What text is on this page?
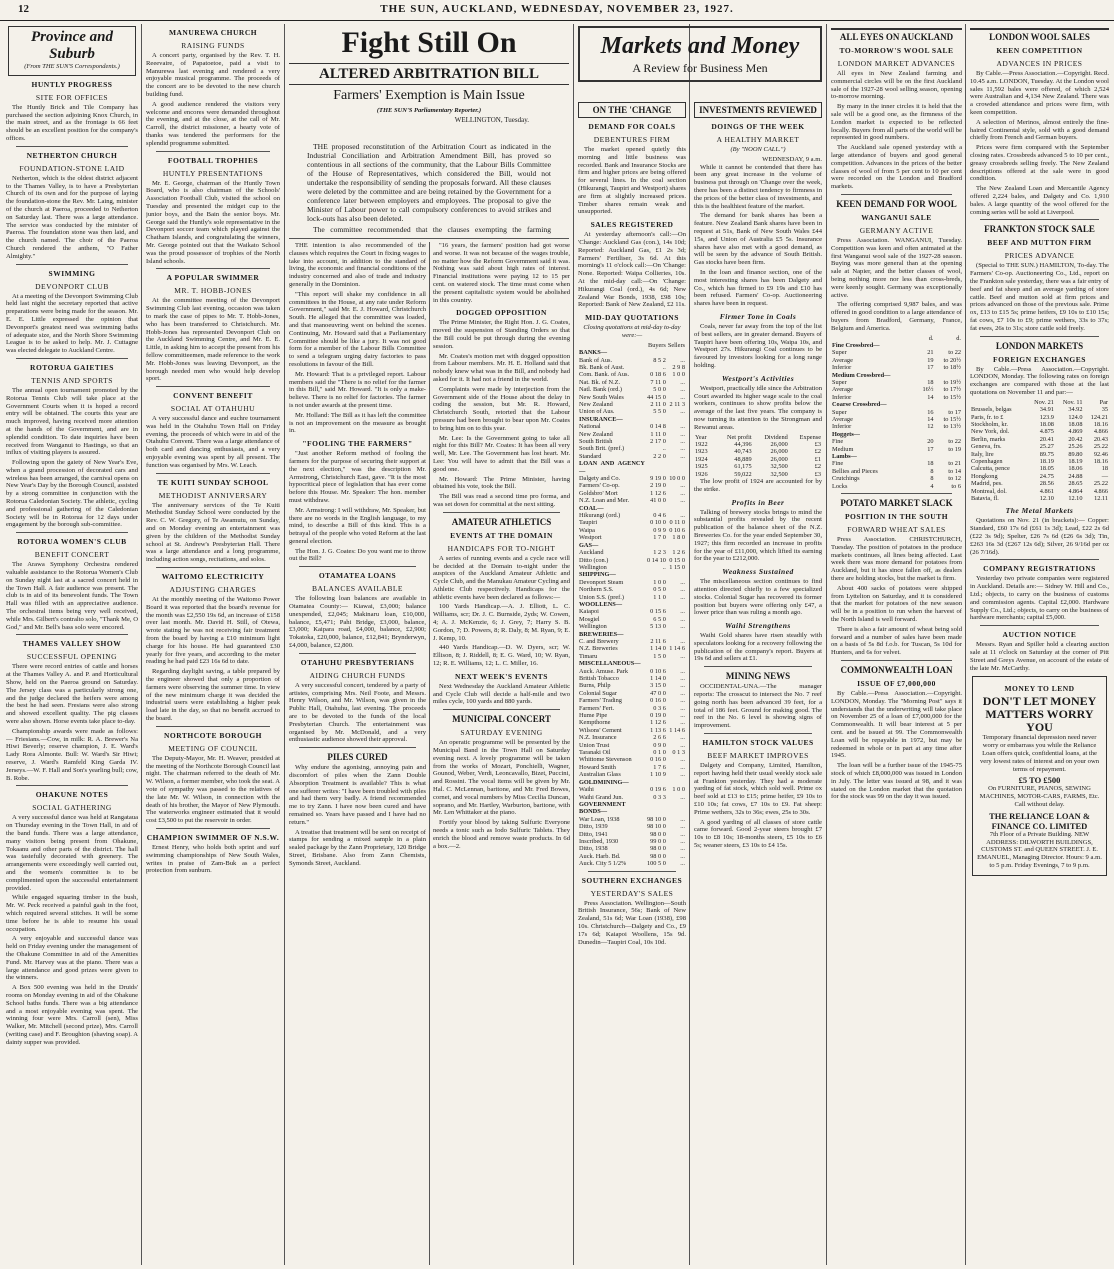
12	THE SUN, AUCKLAND, WEDNESDAY, NOVEMBER 23, 1927.
Province and Suburb
(From THE SUN'S Correspondents.)
HUNTLY PROGRESS
SITE FOR OFFICES

The Huntly Brick and Tile Company has purchased the section adjoining Knox Church, in the main street, and as the frontage is 66 feet should be an excellent position for the company's offices.

NETHERTON CHURCH
FOUNDATION-STONE LAID

Netherton, which is the oldest district adjacent to the Thames Valley, is to have a Presbyterian Church of its own and for the purpose of laying the foundation-stone the Rev. Mr. Laing, minister of the church at Paeroa, proceeded to Netherton on Saturday last. There was a large attendance. The service was conducted by the minister of Paeroa. The foundation stone was then laid, and the church named. The choir of the Paeroa Church rendered the anthem, "O Father Almighty."

SWIMMING
DEVONPORT CLUB

At a meeting of the Devonport Swimming Club held last night the secretary reported that active preparations were being made for the season. Mr. E. E. Little expressed the opinion that Devonport's greatest need was swimming baths of adequate size, and the North Shore Swimming League is to be asked to help. Mr. J. Cuttagne was elected delegate to Auckland Centre.

ROTORUA GAIETIES
TENNIS AND SPORTS

The annual open tournament promoted by the Rotorua Tennis Club will take place at the Government Courts when it is hoped a record entry will be obtained. The courts this year are much improved, having received more attention at the hands of the Government, and are in splendid condition. To date inquiries have been received from Wanganui to Hastings, so that an influx of visiting players is assured.

Following upon the gaiety of New Year's Eve, when a grand procession of decorated cars and wireless has been arranged, the carnival opens on New Year's Day by the Borough Council, assisted by a strong committee in conjunction with the Rotorua Caledonian Society. The athletic, cycling and professional gathering of the Caledonian Society will be in Rotorua for 12 days under engagement by the borough sub-committee.

ROTORUA WOMEN'S CLUB
BENEFIT CONCERT

The Arawa Symphony Orchestra rendered valuable assistance to the Rotorua Women's Club on Sunday night last at a sacred concert held in the Town Hall. A fair audience was present. The club is in aid of its benevolent funds. The Town Hall was filled with an appreciative audience. The orchestral items being very well received, while Mrs. Gilbert's contralto solo, "Thank Me, O God," and Mr. Bell's bass solo were encored.

THAMES VALLEY SHOW
SUCCESSFUL OPENING

There were record entries of cattle and horses at the Thames Valley A. and P. and Horticultural Show, held on the Paeroa ground on Saturday. The Jersey class was a particularly strong one, and the judge declared the heifers were among the best he had seen. Fresians were also strong and showed excellent quality. The pig classes were also shown. Horse events take place to-day.

Championship awards were made as follows:— Friesians.—Cow, in milk: R. A. Brewer's Na Hiwi Beverly; reserve champion, J. E. Ward's Lady Rora Almonte. Bull: W. Ward's Sir Hiwi; reserve, J. Ward's Ramfeld King Garda IV. Jerseys.—W. F. Hall and Son's yearling bull; cow, B. Robe.

OHAKUNE NOTES
SOCIAL GATHERING

A very successful dance was held at Rangataua on Thursday evening in the Town Hall, in aid of the band funds. There was a large attendance, many visitors being present from Ohakune, Tokaanu and other parts of the district. The hall was tastefully decorated with greenery. The arrangements were exceedingly well carried out, and the women's committee is to be complimented upon the successful entertainment provided.

While engaged squaring timber in the bush, Mr. W. Peck received a painful gash in the foot, which required several stitches. It will be some time before he is able to resume his usual occupation.

A very enjoyable and successful dance was held on Friday evening under the management of the Ohakune Committee in aid of the Amenities Fund. Mr. Harvey was at the piano. There was a large attendance and good prizes were given to the winners.

A Box 500 evening was held in the Druids' rooms on Monday evening in aid of the Ohakune School baths funds. There was a big attendance and a most enjoyable evening was spent. The winning four were Mrs. Carroll (sen), Miss Walker, Mr. Mitchell (second prize), Mrs. Carroll (writing case) and F. Broughton (shaving soap). A dainty supper was provided.

MANUREWA CHURCH
RAISING FUNDS

A concert party, organised by the Rev. T. H. Reeevaire, of Papatoetoe, paid a visit to Manurewa last evening and rendered a very enjoyable musical programme. The proceeds of the concert are to be devoted to the new church building fund.

A good audience rendered the visitors very welcome and encores were demanded throughout the evening, and at the close, at the call of Mr. Carroll, the district missioner, a hearty vote of thanks was tendered the performers for the splendid programme submitted.

FOOTBALL TROPHIES
HUNTLY PRESENTATIONS

Mr. E. George, chairman of the Huntly Town Board, who is also chairman of the Schools' Association Football Club, visited the school on Tuesday and presented the midget cup to the junior boys, and the Bain the senior boys. Mr. George said the Huntly's sole representative in the Devonport soccer team which played against the Chatham Islands, and congratulating the winners, Mr. George pointed out that the Waikato School was the proud possessor of trophies of the North Island schools.

A POPULAR SWIMMER
MR. T. HOBB-JONES

At the committee meeting of the Devonport Swimming Club last evening, occasion was taken to mark the case of pipes to Mr. T. Hobb-Jones, who has been transferred to Christchurch. Mr. Hobb-Jones has represented Devonport Club on the Auckland Swimming Centre, and Mr. E. E. Little, in asking him to accept the present from his fellow committeemen, made reference to the work Mr. Hobb-Jones was leaving Devonport, as the borough needed men who would help develop sport.

CONVENT BENEFIT
SOCIAL AT OTAHUHU

A very successful dance and euchre tournament was held in the Otahuhu Town Hall on Friday evening, the proceeds of which were in aid of the Otahuhu Convent. There was a large attendance of both card and dancing enthusiasts, and a very enjoyable evening was spent by all present. The function was organised by Mrs. W. Leach.

TE KUITI SUNDAY SCHOOL
METHODIST ANNIVERSARY

The anniversary services of the Te Kuiti Methodist Sunday School were conducted by the Rev. C. W. Gregory, of Te Awamutu, on Sunday, and on Monday evening an entertainment was given by the children of the Methodist Sunday school at St. Andrew's Presbyterian Hall. There was a large attendance and a long programme, including action songs, recitations, and solos.

WAITOMO ELECTRICITY
ADJUSTING CHARGES

At the monthly meeting of the Waitomo Power Board it was reported that the board's revenue for the month was £2,550 19s 6d, an increase of £158 over last month. Mr. David H. Still, of Otewa, wrote stating he was not receiving fair treatment from the board by having a £10 minimum light charge for his house. He had guaranteed £30 yearly for five years, and according to the meter reading he had paid £23 16s 6d to date.

Regarding daylight saving, a table prepared by the engineer showed that only a proportion of farmers were observing the summer time. In view of the new minimum charge it was decided the industrial users were establishing a higher peak load late in the day, so that no benefit accrued to the board.

NORTHCOTE BOROUGH
MEETING OF COUNCIL

The Deputy-Mayor, Mr. H. Weaver, presided at the meeting of the Northcote Borough Council last night. The chairman referred to the death of Mr. W. Wilson, a former member, who took the seat. A vote of sympathy was passed to the relatives of the late Mr. W. Wilson, in connection with the death of his brother, the Mayor of New Plymouth. The waterworks engineer estimated that it would cost £3,500 to put the reservoir in order.

CHAMPION SWIMMER OF N.S.W.

Ernest Henry, who holds both sprint and surf swimming championships of New South Wales, writes in praise of Zam-Buk as a perfect protection from sunburn.

Fight Still On
ALTERED ARBITRATION BILL
Farmers' Exemption is Main Issue
(THE SUN'S Parliamentary Reporter.)
WELLINGTON, Tuesday.

THE proposed reconstitution of the Arbitration Court as indicated in the Industrial Conciliation and Arbitration Amendment Bill, has proved so contentious in all sections of the community, that the Labour Bills Committee of the House of Representatives, which considered the Bill, would not undertake the responsibility of sending the proposals forward. All these clauses were deleted by the committee and are being retained by the Government for a conference later between employers and employees. The proposal to give the Minister of Labour power to call compulsory conferences to avoid strikes and lock-outs has also been deleted.

The committee recommended that the clauses exempting the farming

THE intention is also recommended of the clauses which requires the Court in fixing wages to take into account, in addition to the standard of living, the economic and financial conditions of the industry concerned and also of trade and industry generally in the Dominion.

"This report will shake my confidence in all committees in the House, at any rate under Reform Government," said Mr. E. J. Howard, Christchurch South. He alleged that the committee was loaded, and that manoeuvring went on behind the scenes. Continuing, Mr. Howard said that a Parliamentary Committee should be like a jury. It was not good form for a member of the Labour Bills Committee to send a telegram urging dairy factories to pass resolutions in favour of the Bill.

Mr. Howard: That is a privileged report. Labour members said the "There is no relief for the farmer in this Bill," said Mr. Howard. "It is only a make-believe. There is no relief for factories. The farmer is not under awards at the present time.

Mr. Holland: The Bill as it has left the committee is not an improvement on the measure as brought in.

"FOOLING THE FARMERS"

"Just another Reform method of fooling the farmers for the purpose of securing their support at the next election," was the description Mr. Armstrong, Christchurch East, gave. "It is the most hypocritical piece of legislation that has ever come before this House. Mr. Speaker: The hon. member must withdraw.

Mr. Armstrong: I will withdraw, Mr. Speaker, but there are no words in the English language, to my mind, to describe a Bill of this kind. This is a betrayal of the people who voted Reform at the last general election.

The Hon. J. G. Coates: Do you want me to throw out the Bill?

OTAMATEA LOANS
BALANCES AVAILABLE

The following loan balances are available in Otamatea County:— Kiawai, £3,000; balance unexpended, £2,045; Makinaru loan, £10,000, balance, £5,471; Pahi Bridge, £3,000, balance, £3,000; Kaipara road, £4,000, balance, £2,900; Tokatoka, £20,000, balance, £12,841; Brynderwyn, £4,000, balance, £2,800.

OTAHUHU PRESBYTERIANS
AIDING CHURCH FUNDS

A very successful concert, tendered by a party of artistes, comprising Mrs. Neil Foote, and Messrs. Henry Wilson, and Mr. Wilson, was given in the Public Hall, Otahuhu, last evening. The proceeds are to be devoted to the funds of the local Presbyterian Church. The entertainment was organised by Mr. McDonald, and a very enthusiastic audience showed their approval.

PILES CURED

Why endure the agonising, annoying pain and discomfort of piles when the Zann Double Absorption Treatment is available? This is what one sufferer writes: "I have been troubled with piles and had them very badly. A friend recommended me to try Zann. I have now been cured and have remained so. Years have passed and I have had no return."

A treatise that treatment will be sent on receipt of stamps for sending a mixed sample in a plain sealed package by the Zann Proprietary, 120 Bridge Street, Brisbane. Also from Zann Chemists, Symonds Street, Auckland.

"16 years, the farmers' position had got worse and worse. It was not because of the wages trouble, no matter how the Reform Government said it was. Nothing was said about high rates of interest. Financial institutions were paying 12 to 15 per cent. on watered stock. The time must come when the present capitalistic system would be abolished in this country.

DOGGED OPPOSITION

The Prime Minister, the Right Hon. J. G. Coates, moved the suspension of Standing Orders so that the Bill could be put through during the evening session.

Mr. Coates's motion met with dogged opposition from Labour members. Mr. H. E. Holland said that nobody knew what was in the Bill, and nobody had asked for it. It had not a friend in the world.

Complaints were made by interjection from the Government side of the House about the delay in coding the session, but Mr. R. Howard, Christchurch South, retorted that the Labour pressure had been brought to bear upon Mr. Coates to bring him on to this year.

Mr. Lee: Is the Government going to take all night for this Bill? Mr. Coates: It has been all very well, Mr. Lee. The Government has lost heart. Mr. Lee: You will have to admit that the Bill was a good one.

Mr. Howard: The Prime Minister, having obtained his vote, took the Bill.

The Bill was read a second time pro forma, and was set down for committal at the next sitting.

AMATEUR ATHLETICS
EVENTS AT THE DOMAIN
HANDICAPS FOR TO-NIGHT

A series of running events and a cycle race will be decided at the Domain to-night under the auspices of the Auckland Amateur Athletic and Cycle Club, and the Manukau Amateur Cycling and Athletic Club respectively. Handicaps for the athletic events have been declared as follows:—

100 Yards Handicap.—A. J. Elliott, L. C. Williams, scr; Dr. J. C. Burnside, 2yds; W. Cowen, 4; A. J. McKenzie, 6; J. Grey, 7; Harry S. B. Gordon, 7; D. Powers, 8; R. Daly, 8; M. Ryan, 9; E. J. Kemp, 10.

440 Yards Handicap.—D. W. Dyers, scr; W. Ellison, 8; J. Riddell, 8; E. G. Ward, 10; W. Ryan, 12; R. E. Williams, 12; L. C. Miller, 16.

NEXT WEEK'S EVENTS

Next Wednesday the Auckland Amateur Athletic and Cycle Club will decide a half-mile and two miles cycle, 100 yards and 880 yards.

MUNICIPAL CONCERT
SATURDAY EVENING

An operatic programme will be presented by the Municipal Band in the Town Hall on Saturday evening next. A lovely programme will be taken from the works of Mozart, Ponchielli, Wagner, Gounod, Weber, Verdi, Leoncavallo, Bizet, Puccini, and Rossini. The vocal items will be given by Mr. Hal. C. McLennan, baritone, and Mr. Fred Bowes, cornet, and vocal numbers by Miss Cecilia Duncan, soprano, and Mr. Hartley, Warburton, baritone, with Mr. Len Whittaker at the piano.

Fortify your blood by taking Sulfuric Everyone needs a tonic such as Iodo Sulfuric Tablets. They enrich the blood and remove waste products. In 6d a box.—2.

Markets and Money
A Review for Business Men
ON THE 'CHANGE
DEMAND FOR COALS
DEBENTURES FIRM

The market opened quietly this morning and little business was recorded. Bank and Insurance Stocks are firm and higher prices are being offered for several lines. In the coal section (Hikurangi, Taupiri and Westport) shares are firm at slightly increased prices. Timber shares remain weak and unsupported.

SALES REGISTERED

At yesterday afternoon's call:—On 'Change: Auckland Gas (con.), 14s 10d; Reported: Auckland Gas, £1 2s 3d; Farmers' Fertiliser, 3s 6d. At this morning's 11 o'clock call:—On 'Change: None. Reported: Waipa Collieries, 10s. At the mid-day call:—On 'Change: Hikurangi Coal (ord.), 4s 6d; New Zealand War Bonds, 1938, £98 10s; Reported: Bank of New Zealand, £2 11s.

MID-DAY QUOTATIONS
Closing quotations at mid-day to-day were:—
	Buyers	Sellers
BANKS—		
Bank of Aus.	8 5 2	...
Bk. Bank of Aust.	..	2 9 8
Com. Bank. of Aus.	0 18 6	1 0 0
Nat. Bk. of N.Z.	7 11 0	...
Natl. Bank (ord.)	5 0 0	...
New South Wales	44 15 0	...
New Zealand	2 11 0	2 11 3
Union of Aus.	5 5 0	...
INSURANCE—		
National	0 14 8	...
New Zealand	1 11 0	...
South British	2 17 0	...
South Brit. (pref.)	..	...
Standard	2 2 0	...
LOAN AND AGENCY—		
Dalgety and Co.	9 19 0	10 0 0
Farmers' Co-op.	2 19 0	...
Goldsbro' Mort	1 12 6	...
N.Z. Loan and Mer.	41 0 0	...
COAL—		
Hikurangi (ord.)	0 4 6	...
Taupiri	0 10 0	0 11 0
Waipa	0 9 9	0 10 6
Westport	1 7 0	1 8 0
GAS—		
Auckland	1 2 3	1 2 6
Ditto (con.)	0 14 10	0 15 0
Wellington	..	1 15 0
SHIPPING—		
Devonport Steam	1 0 0	...
Northern S.S.	0 5 0	...
Union S.S. (pref.)	1 1 0	...
WOOLLENS—		
Kaiapoi	0 15 6	...
Mosgiel	6 5 0	...
Wellington	5 13 0	...
BREWERIES—		
C. and Brewery	2 11 6	...
N.Z. Breweries	1 14 0	1 14 6
Timaru	1 5 0	...
MISCELLANEOUS—		
Auck. Amuse. Park	0 10 6	...
British Tobacco	1 14 0	...
Burns, Philp	3 15 0	...
Colonial Sugar	47 0 0	...
Farmers' Trading	0 16 0	...
Farmers' Fert.	0 3 6	...
Hume Pipe	0 19 0	...
Kempthorne	1 12 6	...
Wilsons' Cement	1 13 6	1 14 6
N.Z. Insurance	2 6 6	...
Union Trust	0 9 0	...
Taranaki Oil	0 1 0	0 1 3
Whittome Stevenson	0 16 0	...
Howard Smith	1 7 6	...
Australian Glass	1 10 9	...
GOLDMINING—		
Waihi	0 19 6	1 0 0
Waihi Grand Jun.	0 3 3	...
GOVERNMENT BONDS—		
War Loan, 1938	98 10 0	...
Ditto, 1939	98 10 0	...
Ditto, 1941	98 0 0	...
Inscribed, 1930	99 0 0	...
Ditto, 1938	98 0 0	...
Auck. Harb. Bd.	98 0 0	...
Auck. City 5 1/2%	100 5 0	...
SOUTHERN EXCHANGES
YESTERDAY'S SALES

Press Association. Wellington—South British Insurance, 56s; Bank of New Zealand, 51s 6d; War Loan (1938), £98 10s. Christchurch—Dalgety and Co., £9 17s 6d; Kaiapoi Woollens, 15s 9d. Dunedin—Taupiri Coal, 10s 10d.

INVESTMENTS REVIEWED
DOINGS OF THE WEEK
A HEALTHY MARKET
(By "NOON CALL.")
WEDNESDAY, 9 a.m.

While it cannot be contended that there has been any great increase in the volume of business put through on 'Change over the week, there has been a distinct tendency to firmness in the prices of the better class of investments, and this is the healthiest feature of the market.

The demand for bank shares has been a feature. New Zealand Bank shares have been in request at 51s, Bank of New South Wales £44 15s, and Union of Australia £5 5s. Insurance shares have also met with a good demand, as will be seen by the advance of South British. Gas stocks have been firm.

In the loan and finance section, one of the most interesting shares has been Dalgety and Co., which has firmed to £9 19s and £10 has been refused. Farmers' Co-op. Auctioneering shares have been in request.

Firmer Tone in Coals

Coals, never far away from the top of the list of best sellers, are in greater demand. Buyers of Taupiri have been offering 10s, Waipa 10s, and Westport 27s. Hikurangi Coal continues to be favoured by investors looking for a long range holding.

Westport's Activities

Westport, practically idle since the Arbitration Court awarded its higher wage scale to the coal workers, continues to show profits below the average of the last five years. The company is now turning its attention to the Strongman and Rewanui areas.

Year	Net profit	Dividend	Expense
1922	44,396	26,000	£3
1923	40,743	26,000	£2
1924	48,889	26,000	£1
1925	61,175	32,500	£2
1926	59,022	32,500	£3

The low profit of 1924 are accounted for by the strike.

Profits in Beer

Talking of brewery stocks brings to mind the substantial profits revealed by the recent publication of the balance sheet of the N.Z. Breweries Co. for the year ended September 30, 1927; this firm recorded an increase in profits for the year of £11,000, which lifted its earning for the year to £212,000.

Weakness Sustained

The miscellaneous section continues to find attention directed chiefly to a few specialized stocks. Colonial Sugar has recovered its former position but buyers were offering only £47, a lower price than was ruling a month ago.

Waihi Strengthens

Waihi Gold shares have risen steadily with speculators looking for a recovery following the publication of the company's report. Buyers at 19s 6d and sellers at £1.

MINING NEWS

OCCIDENTAL-UNA.—The manager reports: The crosscut to intersect the No. 7 reef going north has been advanced 39 feet, for a total of 186 feet. Ground for making good. The reef in the No. 6 level is showing signs of improvement.

HAMILTON STOCK VALUES
BEEF MARKET IMPROVES

Dalgety and Company, Limited, Hamilton, report having held their usual weekly stock sale at Frankton yesterday. They had a moderate yarding of fat stock, which sold well. Prime ox beef sold at £13 to £15; prime heifer, £9 10s to £10 10s; fat cows, £7 10s to £9. Fat sheep: Prime wethers, 32s to 36s; ewes, 25s to 30s.

A good yarding of all classes of store cattle came forward. Good 2-year steers brought £7 10s to £8 10s; 18-months steers, £5 10s to £6 5s; weaner steers, £3 10s to £4 15s.

ALL EYES ON AUCKLAND
TO-MORROW'S WOOL SALE
LONDON MARKET ADVANCES

All eyes in New Zealand farming and commercial circles will be on the first Auckland sale of the 1927-28 wool selling season, opening to-morrow morning.

By many in the inner circles it is held that the sale will be a good one, as the firmness of the London market is expected to be reflected locally. Buyers from all parts of the world will be represented in good numbers.

The Auckland sale opened yesterday with a large attendance of buyers and good general competition. Advances in the prices of the better classes of wool of from 5 per cent to 10 per cent were recorded on the London and Bradford markets.

KEEN DEMAND FOR WOOL
WANGANUI SALE
GERMANY ACTIVE

Press Association. WANGANUI, Tuesday. Competition was keen and often animated at the first Wanganui wool sale of the 1927-28 season. Buying was more general than at the opening sale at Napier, and the better classes of wool, being nothing more nor less than cross-breds, were keenly sought. Germany was exceptionally active.

The offering comprised 9,987 bales, and was offered in good condition to a large attendance of buyers from Bradford, Germany, France, Belgium and America.

	d.	d.
Fine Crossbred—		
Super	21	to 22
Average	19	to 20½
Inferior	17	to 18½
Medium Crossbred—		
Super	18	to 19½
Average	16½	to 17½
Inferior	14	to 15½
Coarse Crossbred—		
Super	16	to 17
Average	14	to 15½
Inferior	12	to 13½
Hoggets—		
Fine	20	to 22
Medium	17	to 19
Lambs—		
Fine	18	to 21
Bellies and Pieces	8	to 14
Crutchings	8	to 12
Locks	4	to 6
POTATO MARKET SLACK
POSITION IN THE SOUTH
FORWARD WHEAT SALES

Press Association. CHRISTCHURCH, Tuesday. The position of potatoes in the produce markets continues, all lines being affected. Last week there was more demand for potatoes from Auckland, but it has since fallen off, as dealers there are holding stocks, but the market is firm.

About 400 sacks of potatoes were shipped from Lyttelton on Saturday, and it is considered that the market for potatoes of the new season will be in a position to run when the harvest of the North Island is well forward.

There is also a fair amount of wheat being sold forward and a number of sales have been made on a basis of 5s 8d f.o.b. for Tuscan, 5s 10d for Hunters, and 6s for velvet.

COMMONWEALTH LOAN
ISSUE OF £7,000,000

By Cable.—Press Association.—Copyright. LONDON, Monday. The "Morning Post" says it understands that the underwriting will take place on November 25 of a loan of £7,000,000 for the Commonwealth. It will bear interest at 5 per cent. and be issued at 99. The Commonwealth Loan will be repayable in 1972, but may be redeemed in whole or in part at any time after 1945.

The loan will be a further issue of the 1945-75 stock of which £8,000,000 was issued in London in July. The letter was issued at 98, and it was stated on the London market that the quotation for the stock was 99 on the day it was issued.

LONDON WOOL SALES
KEEN COMPETITION
ADVANCES IN PRICES

By Cable.—Press Association.—Copyright. Recd. 10.45 a.m. LONDON, Tuesday. At the London wool sales 11,592 bales were offered, of which 2,524 were Australian and 4,134 New Zealand. There was a crowded attendance and prices were firm, with keen competition.

A selection of Merinos, almost entirely the fine-haired Continental style, sold with a good demand chiefly from French and German buyers.

Prices were firm compared with the September closing rates. Crossbreds advanced 5 to 10 per cent., greasy crossbreds selling freely. The New Zealand descriptions offered at the sale were in good condition.

The New Zealand Loan and Mercantile Agency offered 2,224 bales, and Dalgety and Co. 1,910 bales. A large quantity of the wool offered for the coming series will be sold at Liverpool.

FRANKTON STOCK SALE
BEEF AND MUTTON FIRM
PRICES ADVANCE

(Special to THE SUN.) HAMILTON, To-day. The Farmers' Co-op. Auctioneering Co., Ltd., report on the Frankton sale yesterday, there was a fair entry of beef and fat sheep and an average yarding of store cattle. Beef and mutton sold at firm prices and prices advanced on those of the previous sale. Prime ox, £13 to £15 5s; prime heifers, £9 10s to £10 15s; fat cows, £7 10s to £9; prime wethers, 33s to 37s; fat ewes, 26s to 31s; store cattle sold freely.

LONDON MARKETS
FOREIGN EXCHANGES

By Cable.—Press Association.—Copyright. LONDON, Monday. The following rates on foreign exchanges are compared with those at the last quotations on November 11 and par:—

	Nov. 21	Nov. 11	Par
Brussels, belgas	34.91	34.92	35
Paris, fr. to £	123.9	124.0	124.21
Stockholm, kr.	18.08	18.08	18.16
New York, dol.	4.875	4.869	4.866
Berlin, marks	20.41	20.42	20.43
Geneva, frs.	25.27	25.26	25.22
Italy, lire	89.75	89.80	92.46
Copenhagen	18.19	18.19	18.16
Calcutta, pence	18.05	18.06	18
Hongkong	24.75	24.88	—
Madrid, pes.	28.56	28.65	25.22
Montreal, dol.	4.861	4.864	4.866
Batavia, fl.	12.10	12.10	12.11
The Metal Markets

Quotations on Nov. 21 (in brackets):— Copper: Standard, £60 17s 6d (£61 1s 3d); Lead, £22 2s 6d (£22 3s 9d); Spelter, £26 7s 6d (£26 6s 3d); Tin, £263 16s 3d (£267 12s 6d); Silver, 26 9/16d per oz (26 7/16d).

COMPANY REGISTRATIONS

Yesterday two private companies were registered in Auckland. Details are:— Sidney W. Hill and Co., Ltd.; objects, to carry on the business of customs and commission agents. Capital £2,000. Hardware Supply Co., Ltd.; objects, to carry on the business of hardware merchants; capital £5,000.

AUCTION NOTICE

Messrs. Ryan and Spiller hold a clearing auction sale at 11 o'clock on Saturday at the corner of Pitt Street and Greys Avenue, on account of the estate of the late Mr. McCarthy.

MONEY TO LEND
DON'T LET MONEY MATTERS WORRY YOU

Temporary financial depression need never worry or embarrass you while the Reliance Loan offers quick, confidential loans, at the very lowest rates of interest and on your own terms of repayment.

£5 TO £500

On FURNITURE, PIANOS, SEWING MACHINES, MOTOR-CARS, FARMS, Etc. Call without delay.

THE RELIANCE LOAN & FINANCE CO. LIMITED

7th Floor of a Private Building. NEW ADDRESS: DILWORTH BUILDINGS, CUSTOMS ST. and QUEEN STREET. J. E. EMANUEL, Managing Director. Hours: 9 a.m. to 5 p.m. Friday Evenings, 7 to 9 p.m.
